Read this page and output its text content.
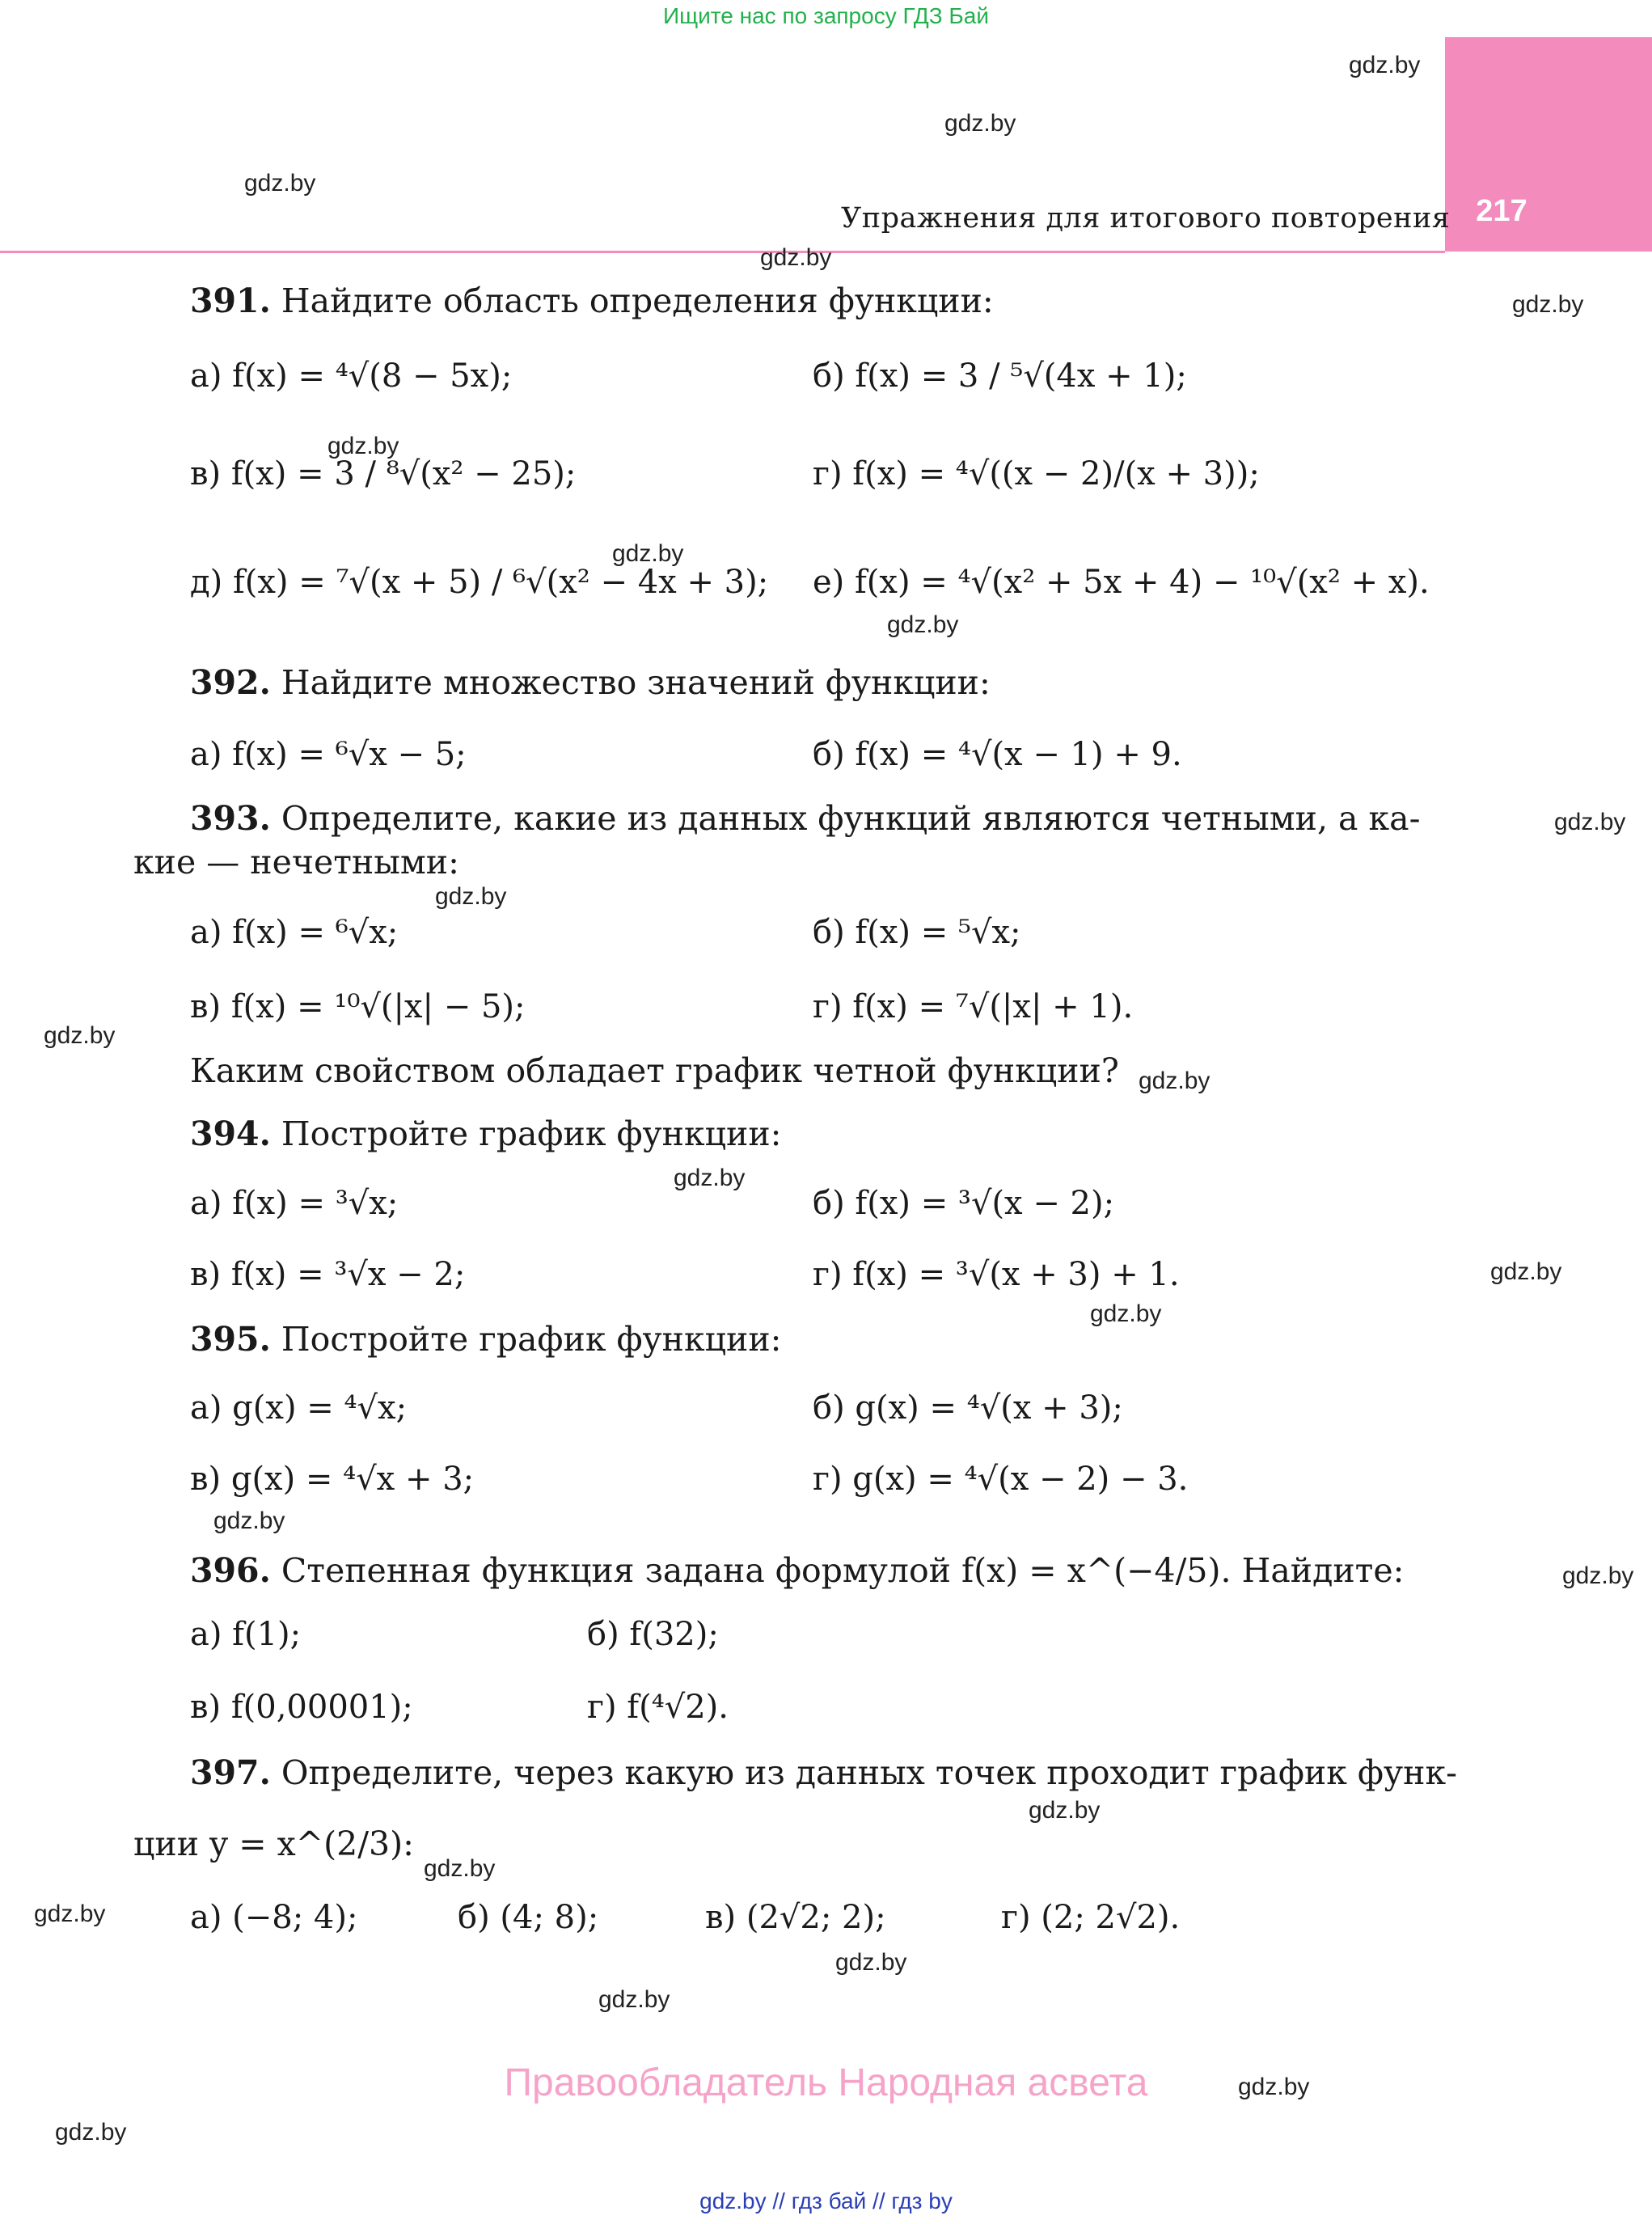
Ищите нас по запросу ГДЗ Бай
217
Упражнения для итогового повторения
gdz.by
gdz.by
gdz.by
gdz.by
gdz.by
gdz.by
gdz.by
gdz.by
gdz.by
gdz.by
gdz.by
gdz.by
gdz.by
gdz.by
gdz.by
gdz.by
gdz.by
gdz.by
gdz.by
gdz.by
gdz.by
gdz.by
gdz.by
gdz.by
391. Найдите область определения функции:
а) f(x) = ⁴√(8 − 5x);	б) f(x) = 3 / ⁵√(4x + 1);
в) f(x) = 3 / ⁸√(x² − 25);	г) f(x) = ⁴√((x − 2)/(x + 3));
д) f(x) = ⁷√(x + 5) / ⁶√(x² − 4x + 3); е) f(x) = ⁴√(x² + 5x + 4) − ¹⁰√(x² + x).
392. Найдите множество значений функции:
а) f(x) = ⁶√x − 5;	б) f(x) = ⁴√(x − 1) + 9.
393. Определите, какие из данных функций являются четными, а ка-
кие — нечетными:
а) f(x) = ⁶√x;	б) f(x) = ⁵√x;
в) f(x) = ¹⁰√(|x| − 5);	г) f(x) = ⁷√(|x| + 1).
Каким свойством обладает график четной функции?
394. Постройте график функции:
а) f(x) = ³√x;	б) f(x) = ³√(x − 2);
в) f(x) = ³√x − 2;	г) f(x) = ³√(x + 3) + 1.
395. Постройте график функции:
а) g(x) = ⁴√x;	б) g(x) = ⁴√(x + 3);
в) g(x) = ⁴√x + 3;	г) g(x) = ⁴√(x − 2) − 3.
396. Степенная функция задана формулой f(x) = x^(−4/5). Найдите:
а) f(1);	б) f(32);
в) f(0,00001);	г) f(⁴√2).
397. Определите, через какую из данных точек проходит график функ-
ции y = x^(2/3):
а) (−8; 4);	б) (4; 8);	в) (2√2; 2);	г) (2; 2√2).
Правообладатель Народная асвета
gdz.by // гдз бай // гдз by
